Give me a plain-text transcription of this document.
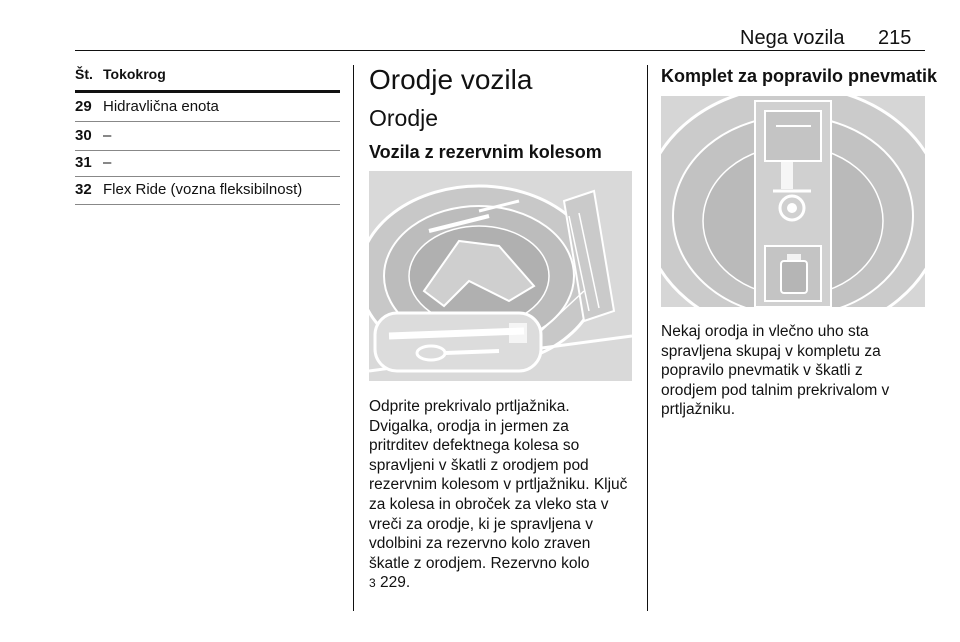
Nega vozila 215
Št. Tokokrog
29 Hidravlična enota
30 –
31 –
32 Flex Ride (vozna fleksibilnost)
Orodje vozila
Orodje
Vozila z rezervnim kolesom

Odprite prekrivalo prtljažnika.

Dvigalka, orodja in jermen za

pritrditev defektnega kolesa so

spravljeni v škatli z orodjem pod

rezervnim kolesom v prtljažniku. Ključ

za kolesa in obroček za vleko sta v

vreči za orodje, ki je spravljena v

vdolbini za rezervno kolo zraven

škatle z orodjem. Rezervno kolo

3 229.

Komplet za popravilo pnevmatik

Nekaj orodja in vlečno uho sta

spravljena skupaj v kompletu za

popravilo pnevmatik v škatli z

orodjem pod talnim prekrivalom v

prtljažniku.
